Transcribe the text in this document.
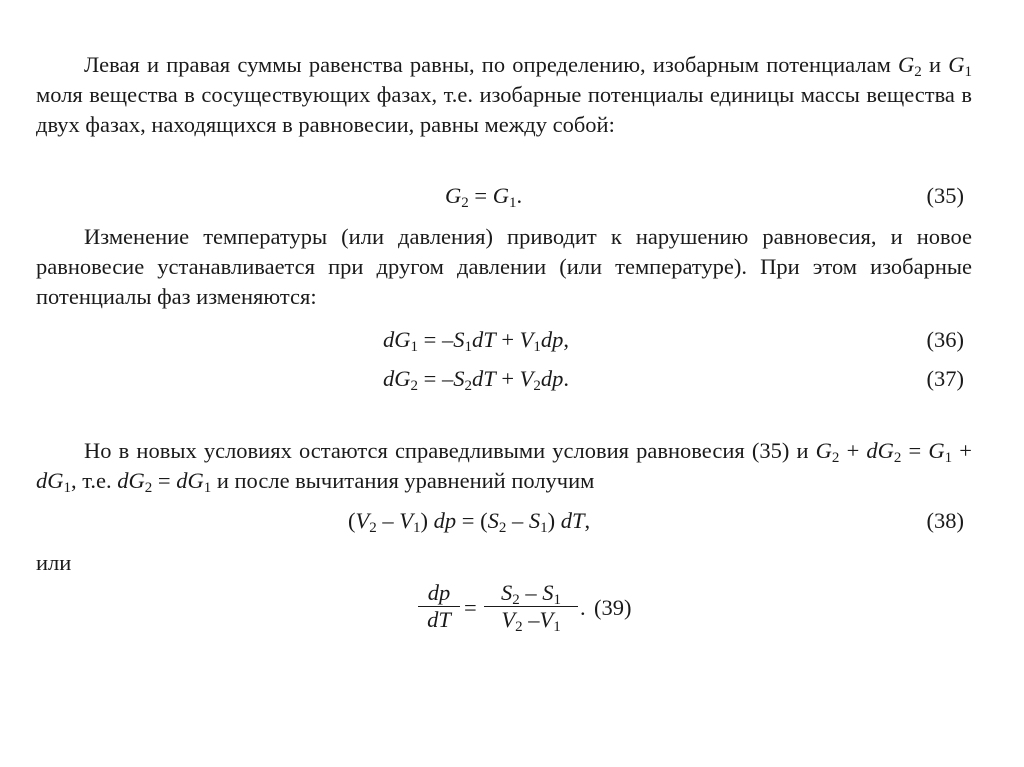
Левая и правая суммы равенства равны, по определению, изобарным потенциалам $G_2$ и $G_1$ моля вещества в сосуществующих фазах, т.е. изобарные потенциалы единицы массы вещества в двух фазах, находящихся в равновесии, равны между собой:
$G_2 = G_1$.	(35)
Изменение температуры (или давления) приводит к нарушению равновесия, и новое равновесие устанавливается при другом давлении (или температуре). При этом изобарные потенциалы фаз изменяются:
$dG_1 = -S_1dT + V_1dp$,	(36)
$dG_2 = -S_2dT + V_2dp$.	(37)
Но в новых условиях остаются справедливыми условия равновесия (35) и $G_2 + dG_2 = G_1 + dG_1$, т.е. $dG_2 = dG_1$ и после вычитания уравнений получим
$(V_2 - V_1)$ dp = $(S_2 - S_1)$ dT,	(38)
или
dp
dT =
$S_2 - S_1$
$V_2$ $-V_1$
. (39)
